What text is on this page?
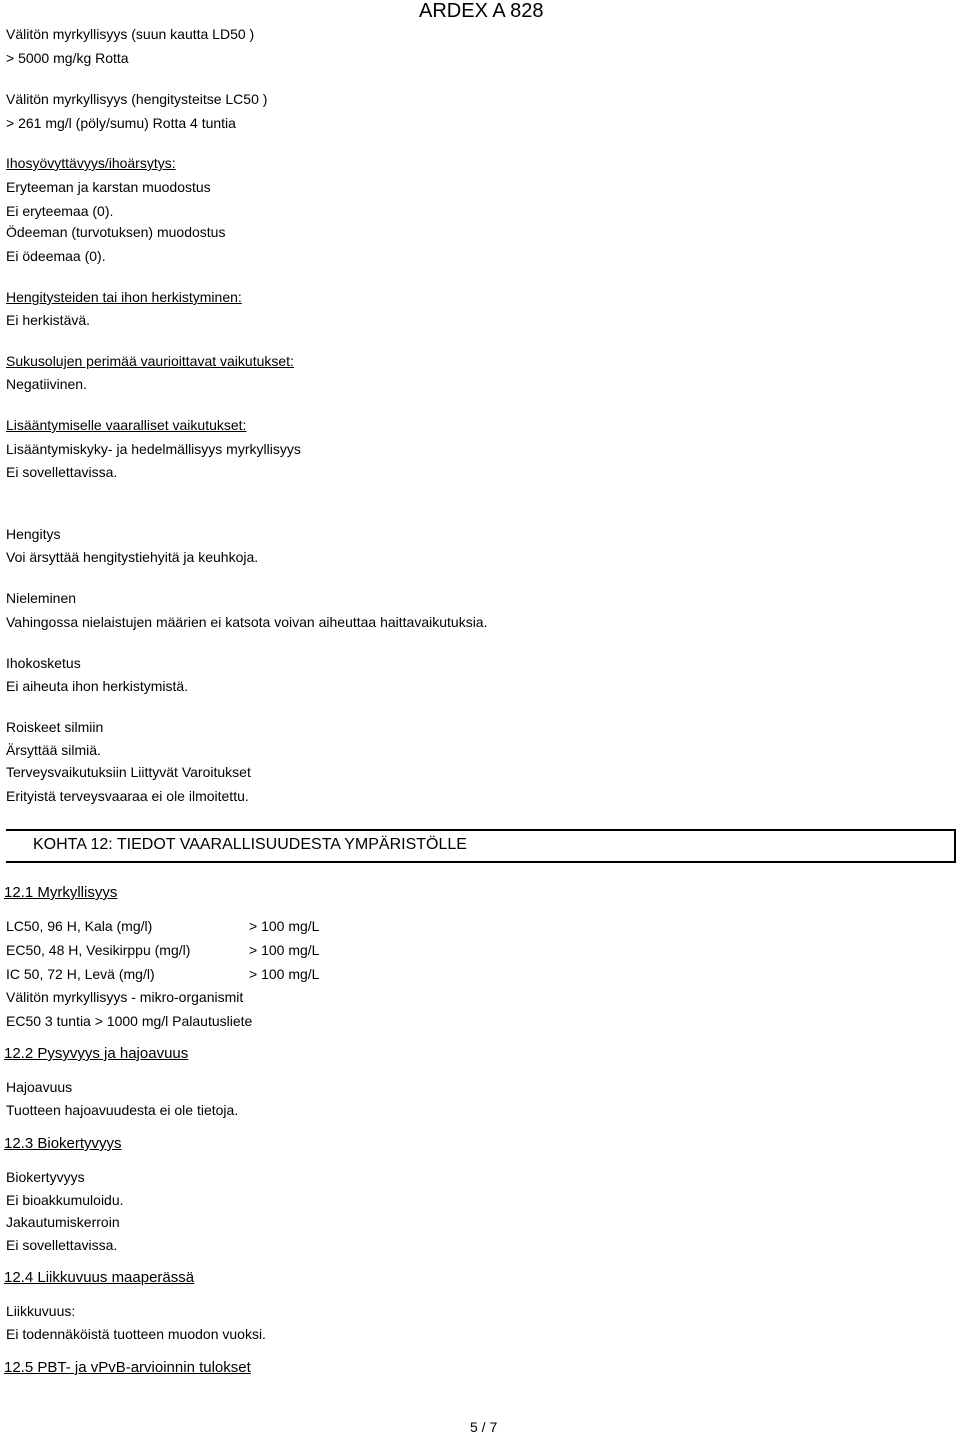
ARDEX A 828
Välitön myrkyllisyys (suun kautta LD50 )
> 5000 mg/kg Rotta
Välitön myrkyllisyys (hengitysteitse LC50 )
> 261 mg/l (pöly/sumu) Rotta 4 tuntia
Ihosyövyttävyys/ihoärsytys:
Eryteeman ja karstan muodostus
Ei eryteemaa (0).
Ödeeman (turvotuksen) muodostus
Ei ödeemaa (0).
Hengitysteiden tai ihon herkistyminen:
Ei herkistävä.
Sukusolujen perimää vaurioittavat vaikutukset:
Negatiivinen.
Lisääntymiselle vaaralliset vaikutukset:
Lisääntymiskyky- ja hedelmällisyys myrkyllisyys
Ei sovellettavissa.
Hengitys
Voi ärsyttää hengitystiehyitä ja keuhkoja.
Nieleminen
Vahingossa nielaistujen määrien ei katsota voivan aiheuttaa haittavaikutuksia.
Ihokosketus
Ei aiheuta ihon herkistymistä.
Roiskeet silmiin
Ärsyttää silmiä.
Terveysvaikutuksiin Liittyvät Varoitukset
Erityistä terveysvaaraa ei ole ilmoitettu.
KOHTA 12: TIEDOT VAARALLISUUDESTA YMPÄRISTÖLLE
12.1 Myrkyllisyys
LC50, 96 H, Kala (mg/l)	> 100 mg/L
EC50, 48 H, Vesikirppu (mg/l)	> 100 mg/L
IC 50, 72 H, Levä (mg/l)	> 100 mg/L
Välitön myrkyllisyys - mikro-organismit
EC50 3 tuntia > 1000 mg/l Palautusliete
12.2 Pysyvyys ja hajoavuus
Hajoavuus
Tuotteen hajoavuudesta ei ole tietoja.
12.3 Biokertyvyys
Biokertyvyys
Ei bioakkumuloidu.
Jakautumiskerroin
Ei sovellettavissa.
12.4 Liikkuvuus maaperässä
Liikkuvuus:
Ei todennäköistä tuotteen muodon vuoksi.
12.5 PBT- ja vPvB-arvioinnin tulokset
5 / 7
